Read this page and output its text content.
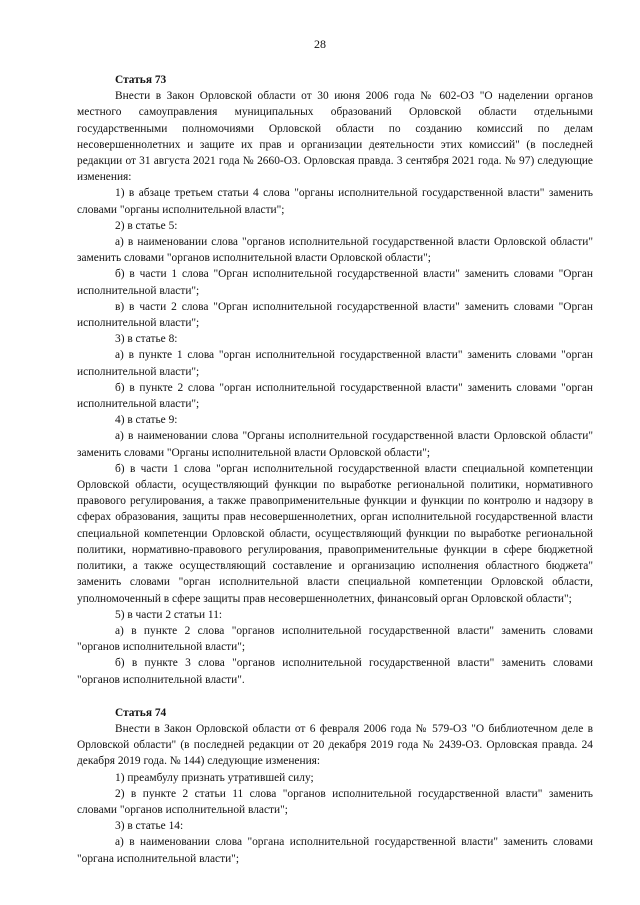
28

Статья 73

Внести в Закон Орловской области от 30 июня 2006 года № 602-ОЗ "О наделении органов местного самоуправления муниципальных образований Орловской области отдельными государственными полномочиями Орловской области по созданию комиссий по делам несовершеннолетних и защите их прав и организации деятельности этих комиссий" (в последней редакции от 31 августа 2021 года № 2660-ОЗ. Орловская правда. 3 сентября 2021 года. № 97) следующие изменения:

1) в абзаце третьем статьи 4 слова "органы исполнительной государственной власти" заменить словами "органы исполнительной власти";

2) в статье 5:

а) в наименовании слова "органов исполнительной государственной власти Орловской области" заменить словами "органов исполнительной власти Орловской области";

б) в части 1 слова "Орган исполнительной государственной власти" заменить словами "Орган исполнительной власти";

в) в части 2 слова "Орган исполнительной государственной власти" заменить словами "Орган исполнительной власти";

3) в статье 8:

а) в пункте 1 слова "орган исполнительной государственной власти" заменить словами "орган исполнительной власти";

б) в пункте 2 слова "орган исполнительной государственной власти" заменить словами "орган исполнительной власти";

4) в статье 9:

а) в наименовании слова "Органы исполнительной государственной власти Орловской области" заменить словами "Органы исполнительной власти Орловской области";

б) в части 1 слова "орган исполнительной государственной власти специальной компетенции Орловской области, осуществляющий функции по выработке региональной политики, нормативного правового регулирования, а также правоприменительные функции и функции по контролю и надзору в сферах образования, защиты прав несовершеннолетних, орган исполнительной государственной власти специальной компетенции Орловской области, осуществляющий функции по выработке региональной политики, нормативно-правового регулирования, правоприменительные функции в сфере бюджетной политики, а также осуществляющий составление и организацию исполнения областного бюджета" заменить словами "орган исполнительной власти специальной компетенции Орловской области, уполномоченный в сфере защиты прав несовершеннолетних, финансовый орган Орловской области";

5) в части 2 статьи 11:

а) в пункте 2 слова "органов исполнительной государственной власти" заменить словами "органов исполнительной власти";

б) в пункте 3 слова "органов исполнительной государственной власти" заменить словами "органов исполнительной власти".

Статья 74

Внести в Закон Орловской области от 6 февраля 2006 года № 579-ОЗ "О библиотечном деле в Орловской области" (в последней редакции от 20 декабря 2019 года № 2439-ОЗ. Орловская правда. 24 декабря 2019 года. № 144) следующие изменения:

1) преамбулу признать утратившей силу;

2) в пункте 2 статьи 11 слова "органов исполнительной государственной власти" заменить словами "органов исполнительной власти";

3) в статье 14:

а) в наименовании слова "органа исполнительной государственной власти" заменить словами "органа исполнительной власти";
